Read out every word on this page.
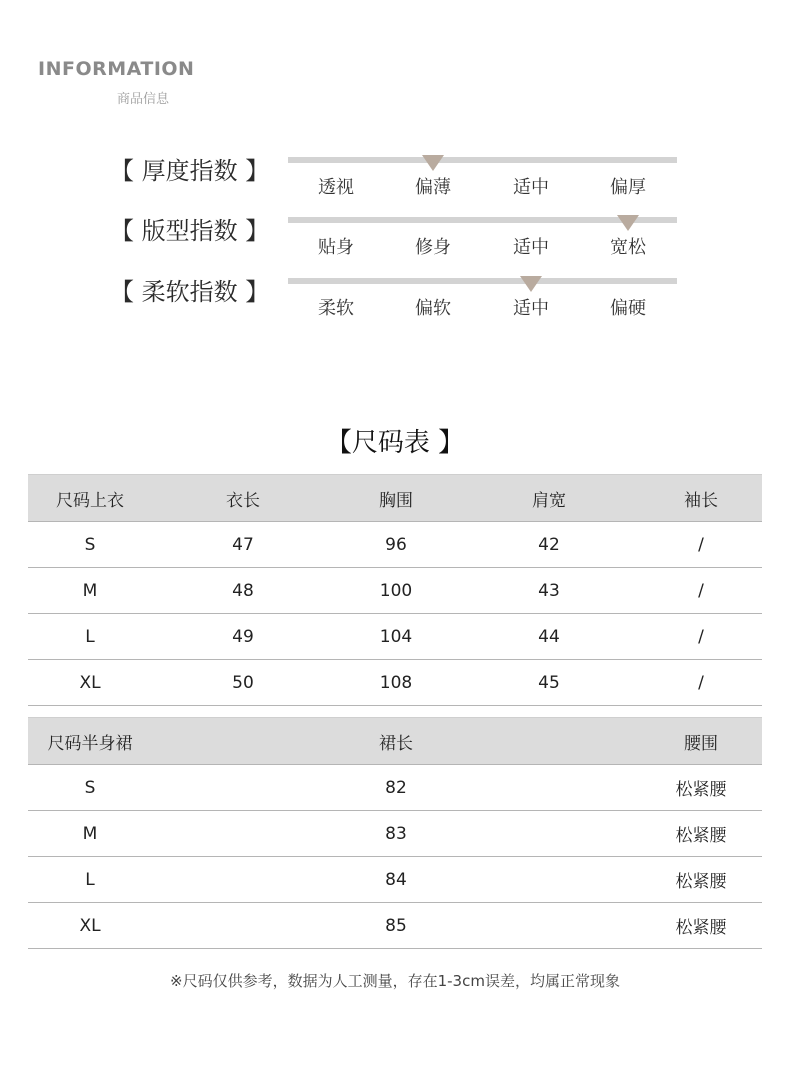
INFORMATION
商品信息
【 厚度指数 】
透视	偏薄	适中	偏厚
【 版型指数 】
贴身	修身	适中	宽松
【 柔软指数 】
柔软	偏软	适中	偏硬
【尺码表 】
尺码上衣	衣长	胸围	肩宽	袖长
S	47	96	42	/
M	48	100	43	/
L	49	104	44	/
XL	50	108	45	/
尺码半身裙	裙长	腰围
S	82	松紧腰
M	83	松紧腰
L	84	松紧腰
XL	85	松紧腰
※尺码仅供参考，数据为人工测量，存在1-3cm误差，均属正常现象
